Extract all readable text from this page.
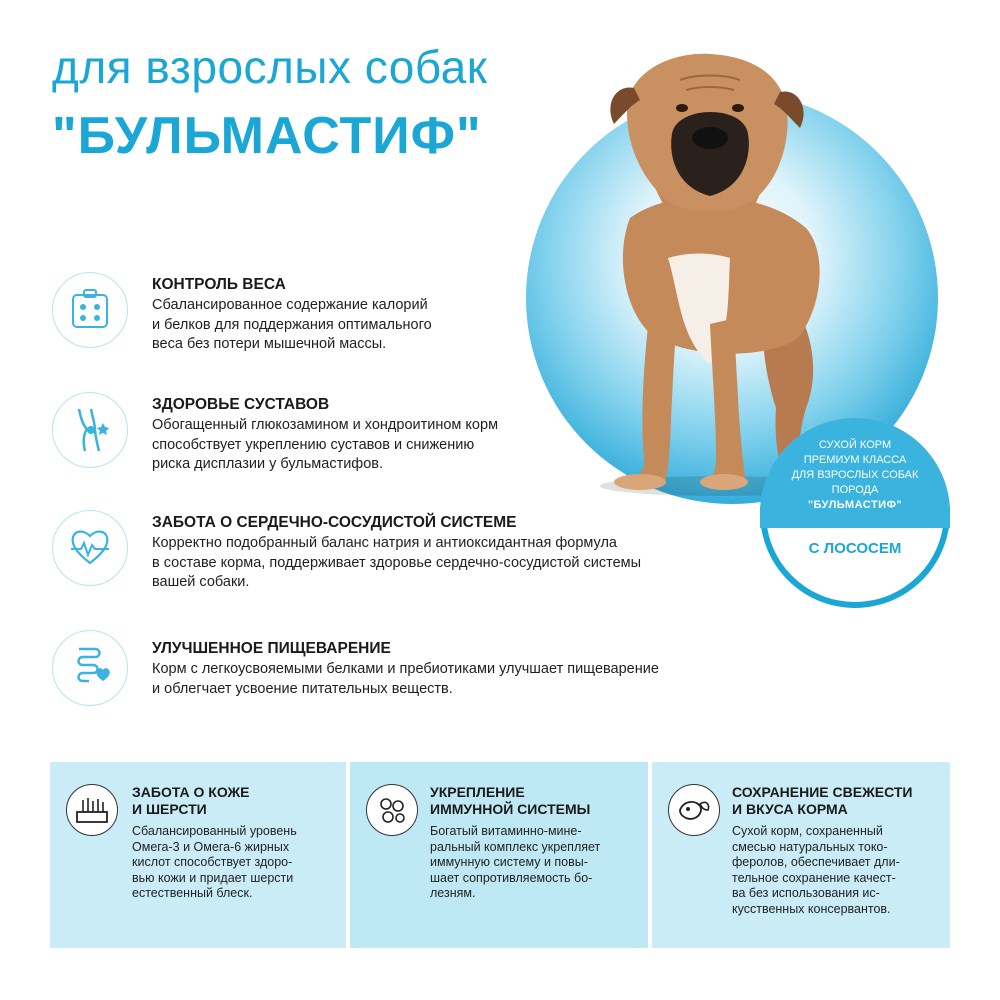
для взрослых собак
"БУЛЬМАСТИФ"
СУХОЙ КОРМ
ПРЕМИУМ КЛАССА
ДЛЯ ВЗРОСЛЫХ СОБАК
ПОРОДА
"БУЛЬМАСТИФ"
С ЛОСОСЕМ
КОНТРОЛЬ ВЕСА
Сбалансированное содержание калорий
и белков для поддержания оптимального
веса без потери мышечной массы.
ЗДОРОВЬЕ СУСТАВОВ
Обогащенный глюкозамином и хондроитином корм
способствует укреплению суставов и снижению
риска дисплазии у бульмастифов.
ЗАБОТА О СЕРДЕЧНО-СОСУДИСТОЙ СИСТЕМЕ
Корректно подобранный баланс натрия и антиоксидантная формула
в составе корма, поддерживает здоровье сердечно-сосудистой системы
вашей собаки.
УЛУЧШЕННОЕ ПИЩЕВАРЕНИЕ
Корм с легкоусвояемыми белками и пребиотиками улучшает пищеварение
и облегчает усвоение питательных веществ.
ЗАБОТА О КОЖЕ
И ШЕРСТИ
Сбалансированный уровень
Омега-3 и Омега-6 жирных
кислот способствует здоро-
вью кожи и придает шерсти
естественный блеск.
УКРЕПЛЕНИЕ
ИММУННОЙ СИСТЕМЫ
Богатый витаминно-мине-
ральный комплекс укрепляет
иммунную систему и повы-
шает сопротивляемость бо-
лезням.
СОХРАНЕНИЕ СВЕЖЕСТИ
И ВКУСА КОРМА
Сухой корм, сохраненный
смесью натуральных токо-
феролов, обеспечивает дли-
тельное сохранение качест-
ва без использования ис-
кусственных консервантов.
